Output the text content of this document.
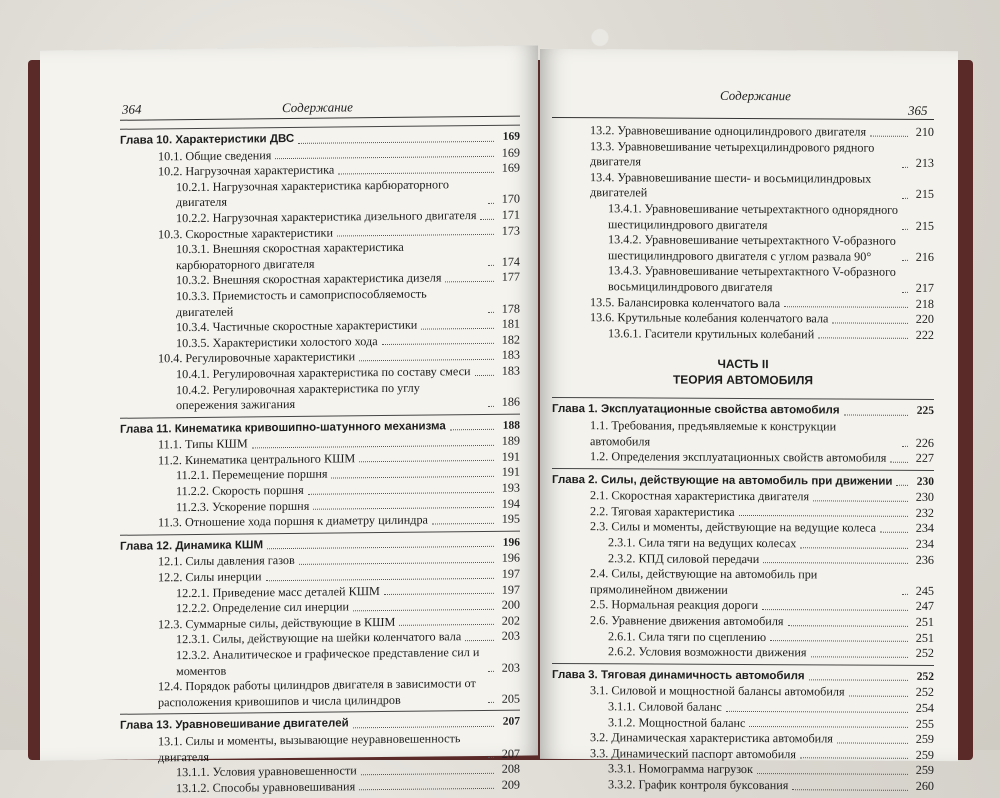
364	Содержание
Глава 10. Характеристики ДВС	169
10.1. Общие сведения	169
10.2. Нагрузочная характеристика	169
10.2.1. Нагрузочная характеристика карбюраторного двигателя	170
10.2.2. Нагрузочная характеристика дизельного двигателя	171
10.3. Скоростные характеристики	173
10.3.1. Внешняя скоростная характеристика карбюраторного двигателя	174
10.3.2. Внешняя скоростная характеристика дизеля	177
10.3.3. Приемистость и самоприспособляемость двигателей	178
10.3.4. Частичные скоростные характеристики	181
10.3.5. Характеристики холостого хода	182
10.4. Регулировочные характеристики	183
10.4.1. Регулировочная характеристика по составу смеси	183
10.4.2. Регулировочная характеристика по углу опережения зажигания	186
Глава 11. Кинематика кривошипно-шатунного механизма	188
11.1. Типы КШМ	189
11.2. Кинематика центрального КШМ	191
11.2.1. Перемещение поршня	191
11.2.2. Скорость поршня	193
11.2.3. Ускорение поршня	194
11.3. Отношение хода поршня к диаметру цилиндра	195
Глава 12. Динамика КШМ	196
12.1. Силы давления газов	196
12.2. Силы инерции	197
12.2.1. Приведение масс деталей КШМ	197
12.2.2. Определение сил инерции	200
12.3. Суммарные силы, действующие в КШМ	202
12.3.1. Силы, действующие на шейки коленчатого вала	203
12.3.2. Аналитическое и графическое представление сил и моментов	203
12.4. Порядок работы цилиндров двигателя в зависимости от расположения кривошипов и числа цилиндров	205
Глава 13. Уравновешивание двигателей	207
13.1. Силы и моменты, вызывающие неуравновешенность двигателя	207
13.1.1. Условия уравновешенности	208
13.1.2. Способы уравновешивания	209
Содержание
365
13.2. Уравновешивание одноцилиндрового двигателя	210
13.3. Уравновешивание четырехцилиндрового рядного двигателя	213
13.4. Уравновешивание шести- и восьмицилиндровых двигателей	215
13.4.1. Уравновешивание четырехтактного однорядного шестицилиндрового двигателя	215
13.4.2. Уравновешивание четырехтактного V-образного шестицилиндрового двигателя с углом развала 90°	216
13.4.3. Уравновешивание четырехтактного V-образного восьмицилиндрового двигателя	217
13.5. Балансировка коленчатого вала	218
13.6. Крутильные колебания коленчатого вала	220
13.6.1. Гасители крутильных колебаний	222
ЧАСТЬ II
ТЕОРИЯ АВТОМОБИЛЯ
Глава 1. Эксплуатационные свойства автомобиля	225
1.1. Требования, предъявляемые к конструкции автомобиля	226
1.2. Определения эксплуатационных свойств автомобиля	227
Глава 2. Силы, действующие на автомобиль при движении	230
2.1. Скоростная характеристика двигателя	230
2.2. Тяговая характеристика	232
2.3. Силы и моменты, действующие на ведущие колеса	234
2.3.1. Сила тяги на ведущих колесах	234
2.3.2. КПД силовой передачи	236
2.4. Силы, действующие на автомобиль при прямолинейном движении	245
2.5. Нормальная реакция дороги	247
2.6. Уравнение движения автомобиля	251
2.6.1. Сила тяги по сцеплению	251
2.6.2. Условия возможности движения	252
Глава 3. Тяговая динамичность автомобиля	252
3.1. Силовой и мощностной балансы автомобиля	252
3.1.1. Силовой баланс	254
3.1.2. Мощностной баланс	255
3.2. Динамическая характеристика автомобиля	259
3.3. Динамический паспорт автомобиля	259
3.3.1. Номограмма нагрузок	259
3.3.2. График контроля буксования	260
